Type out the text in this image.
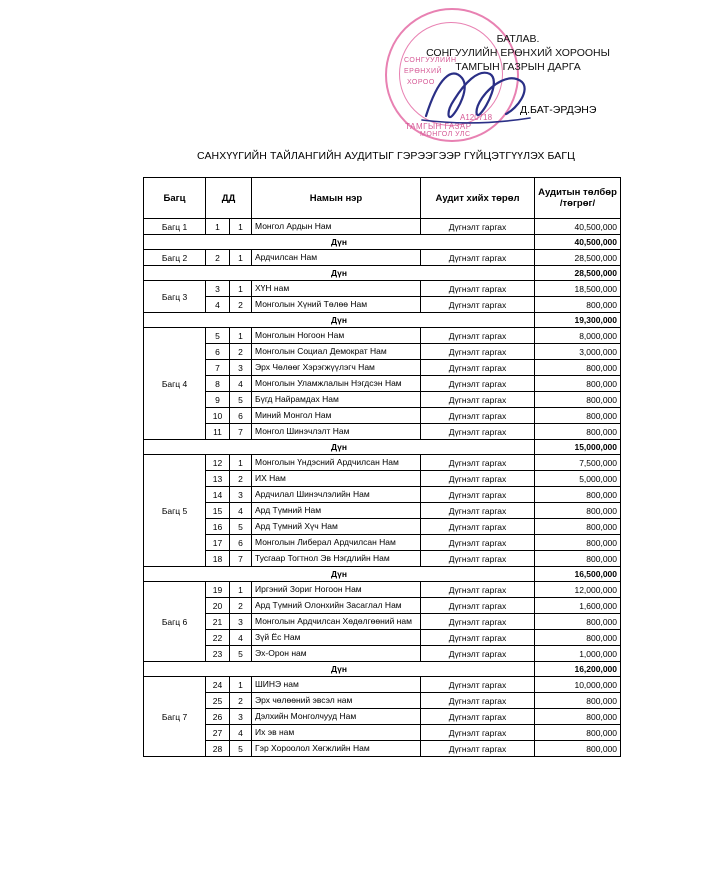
СОНГУУЛИЙН
ЕРӨНХИЙ
ХОРОО
ТАМГЫН ГАЗАР
МОНГОЛ УЛС
А120718
БАТЛАВ.
СОНГУУЛИЙН ЕРӨНХИЙ ХОРООНЫ
ТАМГЫН ГАЗРЫН ДАРГА
Д.БАТ-ЭРДЭНЭ
САНХҮҮГИЙН ТАЙЛАНГИЙН АУДИТЫГ ГЭРЭЭГЭЭР ГҮЙЦЭТГҮҮЛЭХ БАГЦ
Багц	ДД		Намын нэр	Аудит хийх төрөл	Аудитын төлбөр /төгрөг/
Багц 1	1	1	Монгол Ардын Нам	Дүгнэлт гаргах	40,500,000
Дүн					40,500,000
Багц 2	2	1	Ардчилсан Нам	Дүгнэлт гаргах	28,500,000
Дүн					28,500,000
Багц 3	3	1	ХҮН нам	Дүгнэлт гаргах	18,500,000
	4	2	Монголын Хүний Төлөө Нам	Дүгнэлт гаргах	800,000
Дүн					19,300,000
Багц 4	5	1	Монголын Ногоон Нам	Дүгнэлт гаргах	8,000,000
	6	2	Монголын Социал Демократ Нам	Дүгнэлт гаргах	3,000,000
	7	3	Эрх Чөлөөг Хэрэгжүүлэгч Нам	Дүгнэлт гаргах	800,000
	8	4	Монголын Уламжлалын Нэгдсэн Нам	Дүгнэлт гаргах	800,000
	9	5	Бүгд Найрамдах Нам	Дүгнэлт гаргах	800,000
	10	6	Миний Монгол Нам	Дүгнэлт гаргах	800,000
	11	7	Монгол Шинэчлэлт Нам	Дүгнэлт гаргах	800,000
Дүн					15,000,000
Багц 5	12	1	Монголын Үндэсний Ардчилсан Нам	Дүгнэлт гаргах	7,500,000
	13	2	ИХ Нам	Дүгнэлт гаргах	5,000,000
	14	3	Ардчилал Шинэчлэлийн Нам	Дүгнэлт гаргах	800,000
	15	4	Ард Түмний Нам	Дүгнэлт гаргах	800,000
	16	5	Ард Түмний Хүч Нам	Дүгнэлт гаргах	800,000
	17	6	Монголын Либерал Ардчилсан Нам	Дүгнэлт гаргах	800,000
	18	7	Тусгаар Тогтнол Эв Нэгдлийн Нам	Дүгнэлт гаргах	800,000
Дүн					16,500,000
Багц 6	19	1	Иргэний Зориг Ногоон Нам	Дүгнэлт гаргах	12,000,000
	20	2	Ард Түмний Олонхийн Засаглал Нам	Дүгнэлт гаргах	1,600,000
	21	3	Монголын Ардчилсан Хөдөлгөөний нам	Дүгнэлт гаргах	800,000
	22	4	Зүй Ёс Нам	Дүгнэлт гаргах	800,000
	23	5	Эх-Орон нам	Дүгнэлт гаргах	1,000,000
Дүн					16,200,000
Багц 7	24	1	ШИНЭ нам	Дүгнэлт гаргах	10,000,000
	25	2	Эрх чөлөөний эвсэл нам	Дүгнэлт гаргах	800,000
	26	3	Дэлхийн Монголчууд Нам	Дүгнэлт гаргах	800,000
	27	4	Их эв нам	Дүгнэлт гаргах	800,000
	28	5	Гэр Хороолол Хөгжлийн Нам	Дүгнэлт гаргах	800,000
